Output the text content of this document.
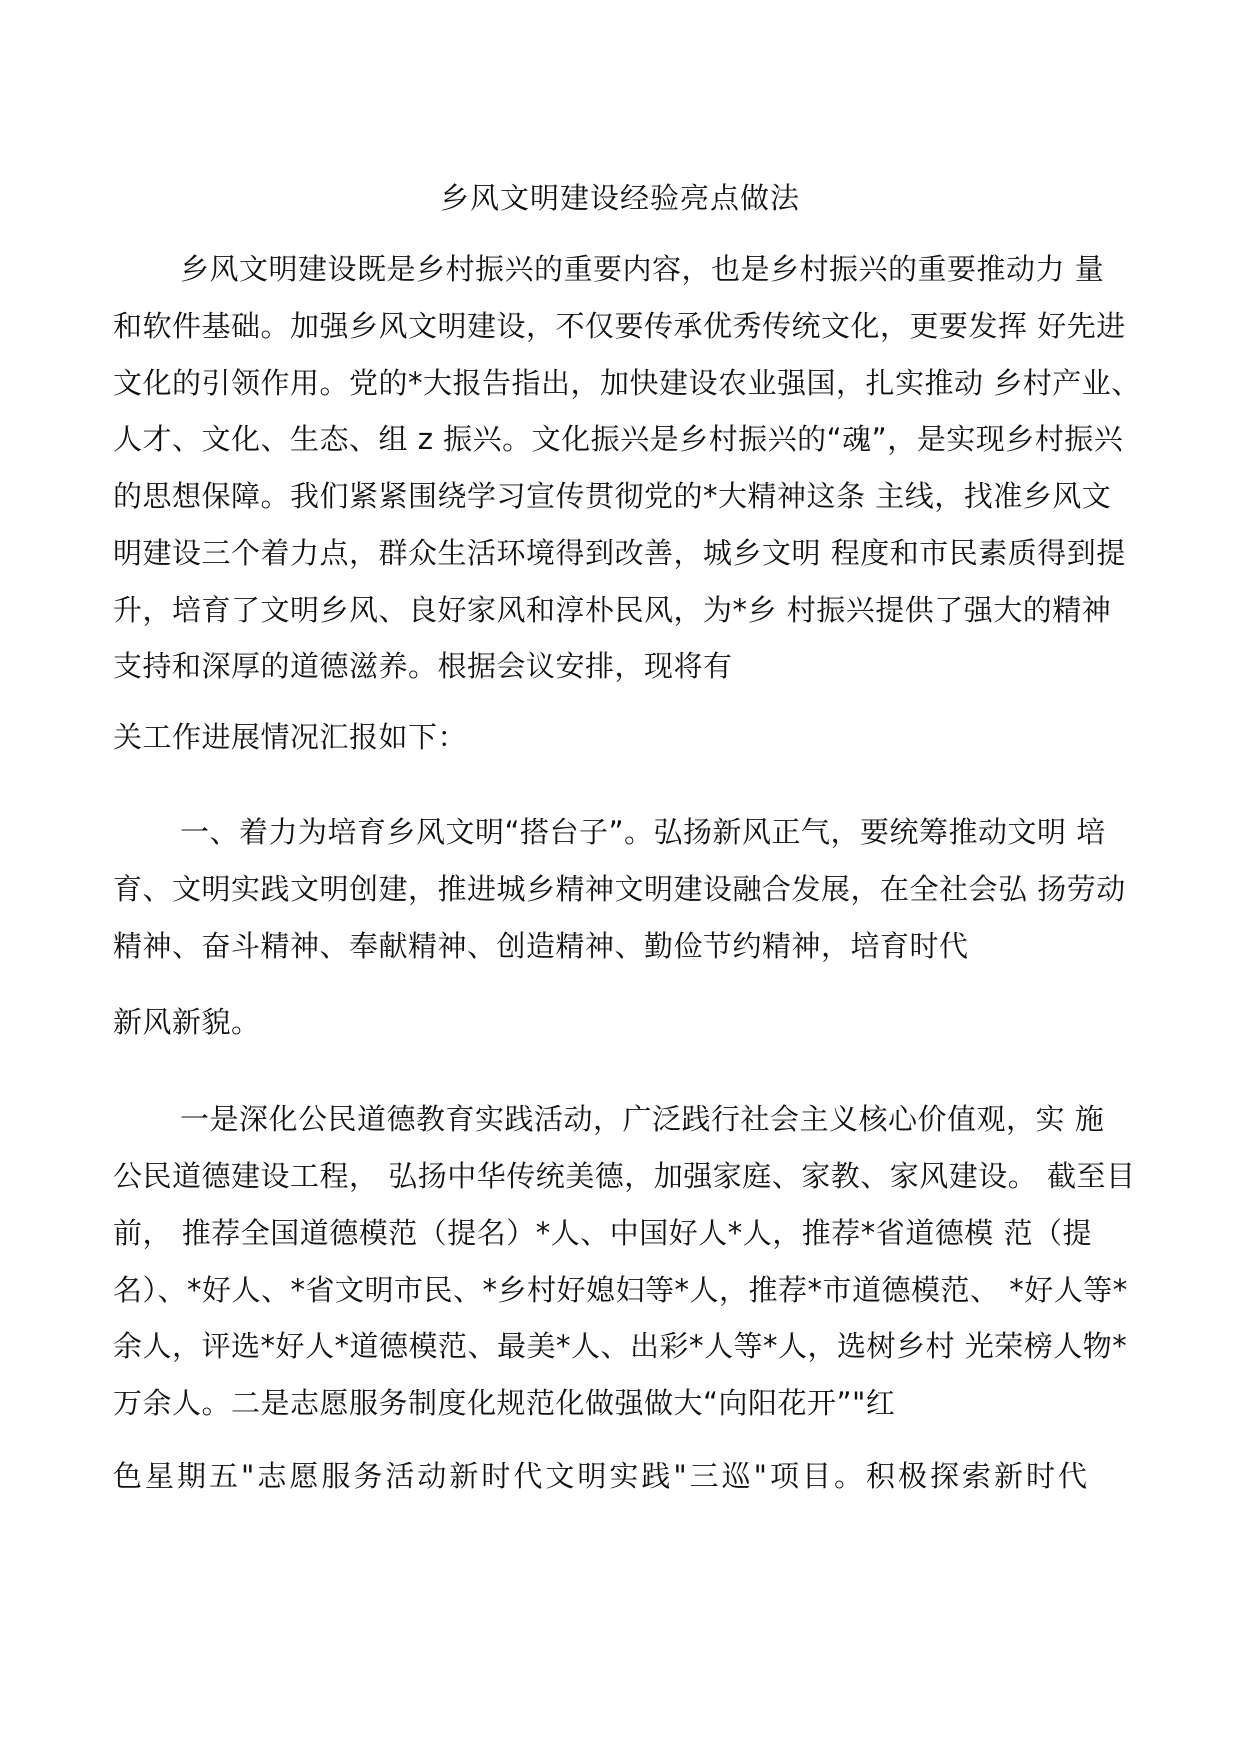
乡风文明建设经验亮点做法
乡风文明建设既是乡村振兴的重要内容，也是乡村振兴的重要推动力 量
和软件基础。加强乡风文明建设，不仅要传承优秀传统文化，更要发挥 好先进
文化的引领作用。党的*大报告指出，加快建设农业强国，扎实推动 乡村产业、
人才、文化、生态、组 z 振兴。文化振兴是乡村振兴的“魂”，是实现乡村振兴
的思想保障。我们紧紧围绕学习宣传贯彻党的*大精神这条 主线，找准乡风文
明建设三个着力点，群众生活环境得到改善，城乡文明 程度和市民素质得到提
升，培育了文明乡风、良好家风和淳朴民风，为*乡 村振兴提供了强大的精神
支持和深厚的道德滋养。根据会议安排，现将有
关工作进展情况汇报如下：
一、着力为培育乡风文明“搭台子”。弘扬新风正气，要统筹推动文明 培
育、文明实践文明创建，推进城乡精神文明建设融合发展，在全社会弘 扬劳动
精神、奋斗精神、奉献精神、创造精神、勤俭节约精神，培育时代
新风新貌。
一是深化公民道德教育实践活动，广泛践行社会主义核心价值观，实 施
公民道德建设工程， 弘扬中华传统美德，加强家庭、家教、家风建设。 截至目
前， 推荐全国道德模范（提名）*人、中国好人*人，推荐*省道德模 范（提
名）、*好人、*省文明市民、*乡村好媳妇等*人，推荐*市道德模范、 *好人等*
余人，评选*好人*道德模范、最美*人、出彩*人等*人，选树乡村 光荣榜人物*
万余人。二是志愿服务制度化规范化做强做大“向阳花开”"红
色星期五"志愿服务活动新时代文明实践"三巡"项目。积极探索新时代
